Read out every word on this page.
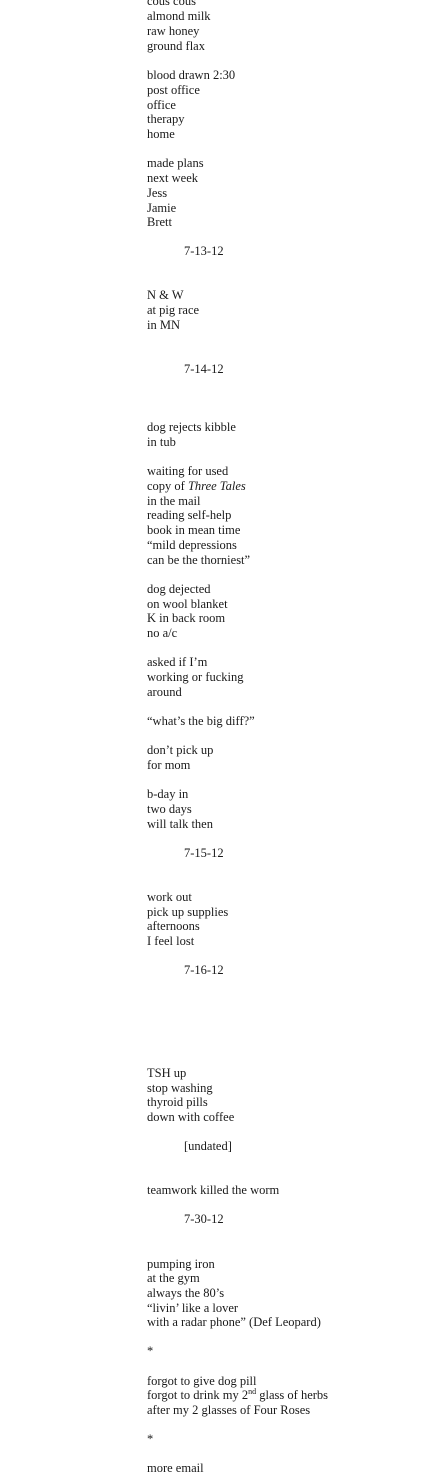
cous cous
almond milk
raw honey
ground flax
blood drawn 2:30
post office
office
therapy
home
made plans
next week
Jess
Jamie
Brett
7-13-12
N & W
at pig race
in MN
7-14-12
dog rejects kibble
in tub
waiting for used
copy of Three Tales
in the mail
reading self-help
book in mean time
“mild depressions
can be the thorniest”
dog dejected
on wool blanket
K in back room
no a/c
asked if I’m
working or fucking
around
“what’s the big diff?”
don’t pick up
for mom
b-day in
two days
will talk then
7-15-12
work out
pick up supplies
afternoons
I feel lost
7-16-12
TSH up
stop washing
thyroid pills
down with coffee
[undated]
teamwork killed the worm
7-30-12
pumping iron
at the gym
always the 80’s
“livin’ like a lover
with a radar phone” (Def Leopard)
*
forgot to give dog pill
forgot to drink my 2nd glass of herbs
after my 2 glasses of Four Roses
*
more email
